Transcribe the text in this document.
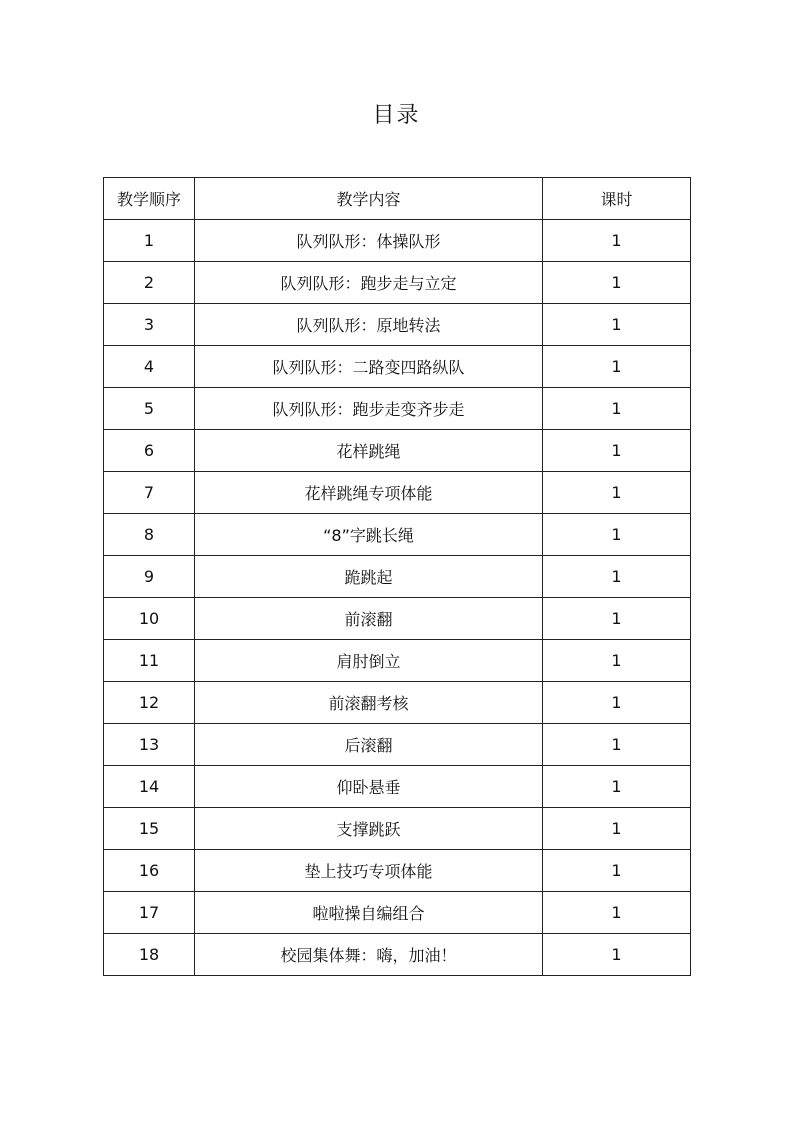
目录
教学顺序	教学内容	课时
1	队列队形：体操队形	1
2	队列队形：跑步走与立定	1
3	队列队形：原地转法	1
4	队列队形：二路变四路纵队	1
5	队列队形：跑步走变齐步走	1
6	花样跳绳	1
7	花样跳绳专项体能	1
8	“8”字跳长绳	1
9	跪跳起	1
10	前滚翻	1
11	肩肘倒立	1
12	前滚翻考核	1
13	后滚翻	1
14	仰卧悬垂	1
15	支撑跳跃	1
16	垫上技巧专项体能	1
17	啦啦操自编组合	1
18	校园集体舞：嗨，加油！	1
